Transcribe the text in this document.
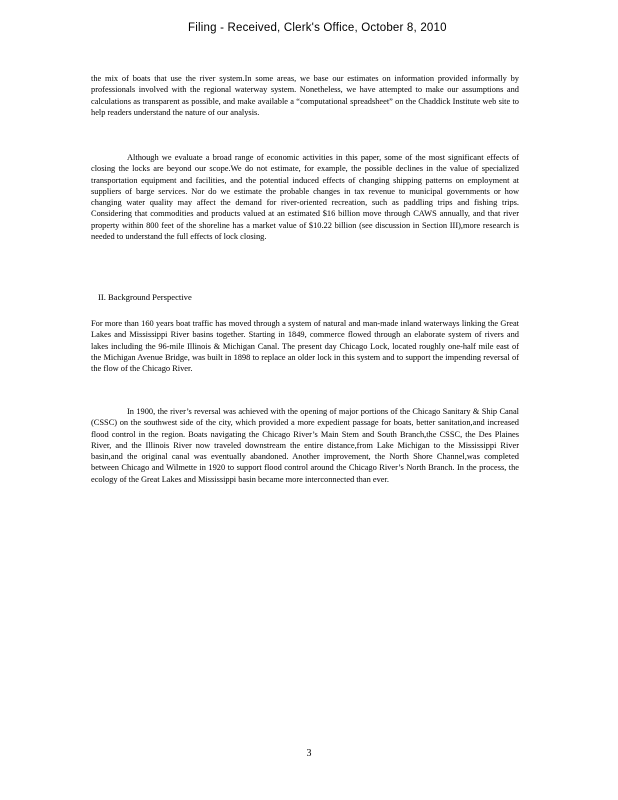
Filing - Received, Clerk's Office, October 8, 2010
the mix of boats that use the river system.In some areas, we base our estimates on information provided informally by professionals involved with the regional waterway system. Nonetheless, we have attempted to make our assumptions and calculations as transparent as possible, and make available a “computational spreadsheet” on the Chaddick Institute web site to help readers understand the nature of our analysis.
Although we evaluate a broad range of economic activities in this paper, some of the most significant effects of closing the locks are beyond our scope.We do not estimate, for example, the possible declines in the value of specialized transportation equipment and facilities, and the potential induced effects of changing shipping patterns on employment at suppliers of barge services. Nor do we estimate the probable changes in tax revenue to municipal governments or how changing water quality may affect the demand for river-oriented recreation, such as paddling trips and fishing trips. Considering that commodities and products valued at an estimated $16 billion move through CAWS annually, and that river property within 800 feet of the shoreline has a market value of $10.22 billion (see discussion in Section III),more research is needed to understand the full effects of lock closing.
II. Background Perspective
For more than 160 years boat traffic has moved through a system of natural and man-made inland waterways linking the Great Lakes and Mississippi River basins together. Starting in 1849, commerce flowed through an elaborate system of rivers and lakes including the 96-mile Illinois & Michigan Canal. The present day Chicago Lock, located roughly one-half mile east of the Michigan Avenue Bridge, was built in 1898 to replace an older lock in this system and to support the impending reversal of the flow of the Chicago River.
In 1900, the river’s reversal was achieved with the opening of major portions of the Chicago Sanitary & Ship Canal (CSSC) on the southwest side of the city, which provided a more expedient passage for boats, better sanitation,and increased flood control in the region. Boats navigating the Chicago River’s Main Stem and South Branch,the CSSC, the Des Plaines River, and the Illinois River now traveled downstream the entire distance,from Lake Michigan to the Mississippi River basin,and the original canal was eventually abandoned. Another improvement, the North Shore Channel,was completed between Chicago and Wilmette in 1920 to support flood control around the Chicago River’s North Branch. In the process, the ecology of the Great Lakes and Mississippi basin became more interconnected than ever.
3
